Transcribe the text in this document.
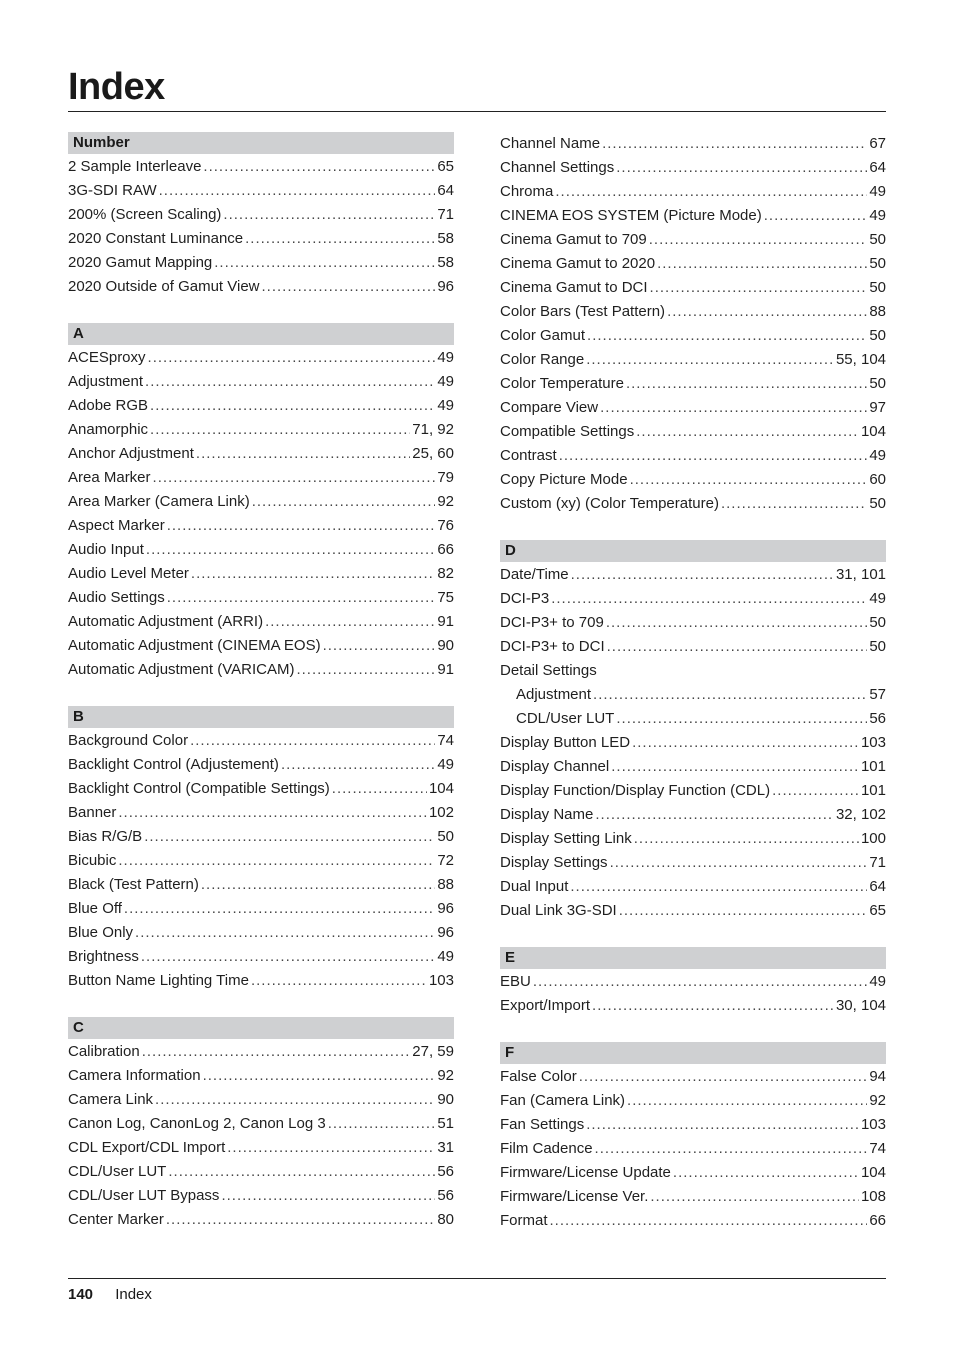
Index
Number
2 Sample Interleave .....	65
3G-SDI RAW .....	64
200% (Screen Scaling) .....	71
2020 Constant Luminance .....	58
2020 Gamut Mapping .....	58
2020 Outside of Gamut View .....	96
A
ACESproxy .....	49
Adjustment .....	49
Adobe RGB .....	49
Anamorphic .....	71, 92
Anchor Adjustment .....	25, 60
Area Marker .....	79
Area Marker (Camera Link) .....	92
Aspect Marker .....	76
Audio Input .....	66
Audio Level Meter .....	82
Audio Settings .....	75
Automatic Adjustment (ARRI) .....	91
Automatic Adjustment (CINEMA EOS) .....	90
Automatic Adjustment (VARICAM) .....	91
B
Background Color .....	74
Backlight Control (Adjustement) .....	49
Backlight Control (Compatible Settings) .....	104
Banner .....	102
Bias R/G/B .....	50
Bicubic .....	72
Black (Test Pattern) .....	88
Blue Off .....	96
Blue Only .....	96
Brightness .....	49
Button Name Lighting Time .....	103
C
Calibration .....	27, 59
Camera Information .....	92
Camera Link .....	90
Canon Log, CanonLog 2, Canon Log 3 .....	51
CDL Export/CDL Import .....	31
CDL/User LUT .....	56
CDL/User LUT Bypass .....	56
Center Marker .....	80
Channel Name .....	67
Channel Settings .....	64
Chroma .....	49
CINEMA EOS SYSTEM (Picture Mode) .....	49
Cinema Gamut to 709 .....	50
Cinema Gamut to 2020 .....	50
Cinema Gamut to DCI .....	50
Color Bars (Test Pattern) .....	88
Color Gamut .....	50
Color Range .....	55, 104
Color Temperature .....	50
Compare View .....	97
Compatible Settings .....	104
Contrast .....	49
Copy Picture Mode .....	60
Custom (xy) (Color Temperature) .....	50
D
Date/Time .....	31, 101
DCI-P3 .....	49
DCI-P3+ to 709 .....	50
DCI-P3+ to DCI .....	50
Detail Settings
Adjustment .....	57
CDL/User LUT .....	56
Display Button LED .....	103
Display Channel .....	101
Display Function/Display Function (CDL) .....	101
Display Name .....	32, 102
Display Setting Link .....	100
Display Settings .....	71
Dual Input .....	64
Dual Link 3G-SDI .....	65
E
EBU .....	49
Export/Import .....	30, 104
F
False Color .....	94
Fan (Camera Link) .....	92
Fan Settings .....	103
Film Cadence .....	74
Firmware/License Update .....	104
Firmware/License Ver. .....	108
Format .....	66
140 Index
